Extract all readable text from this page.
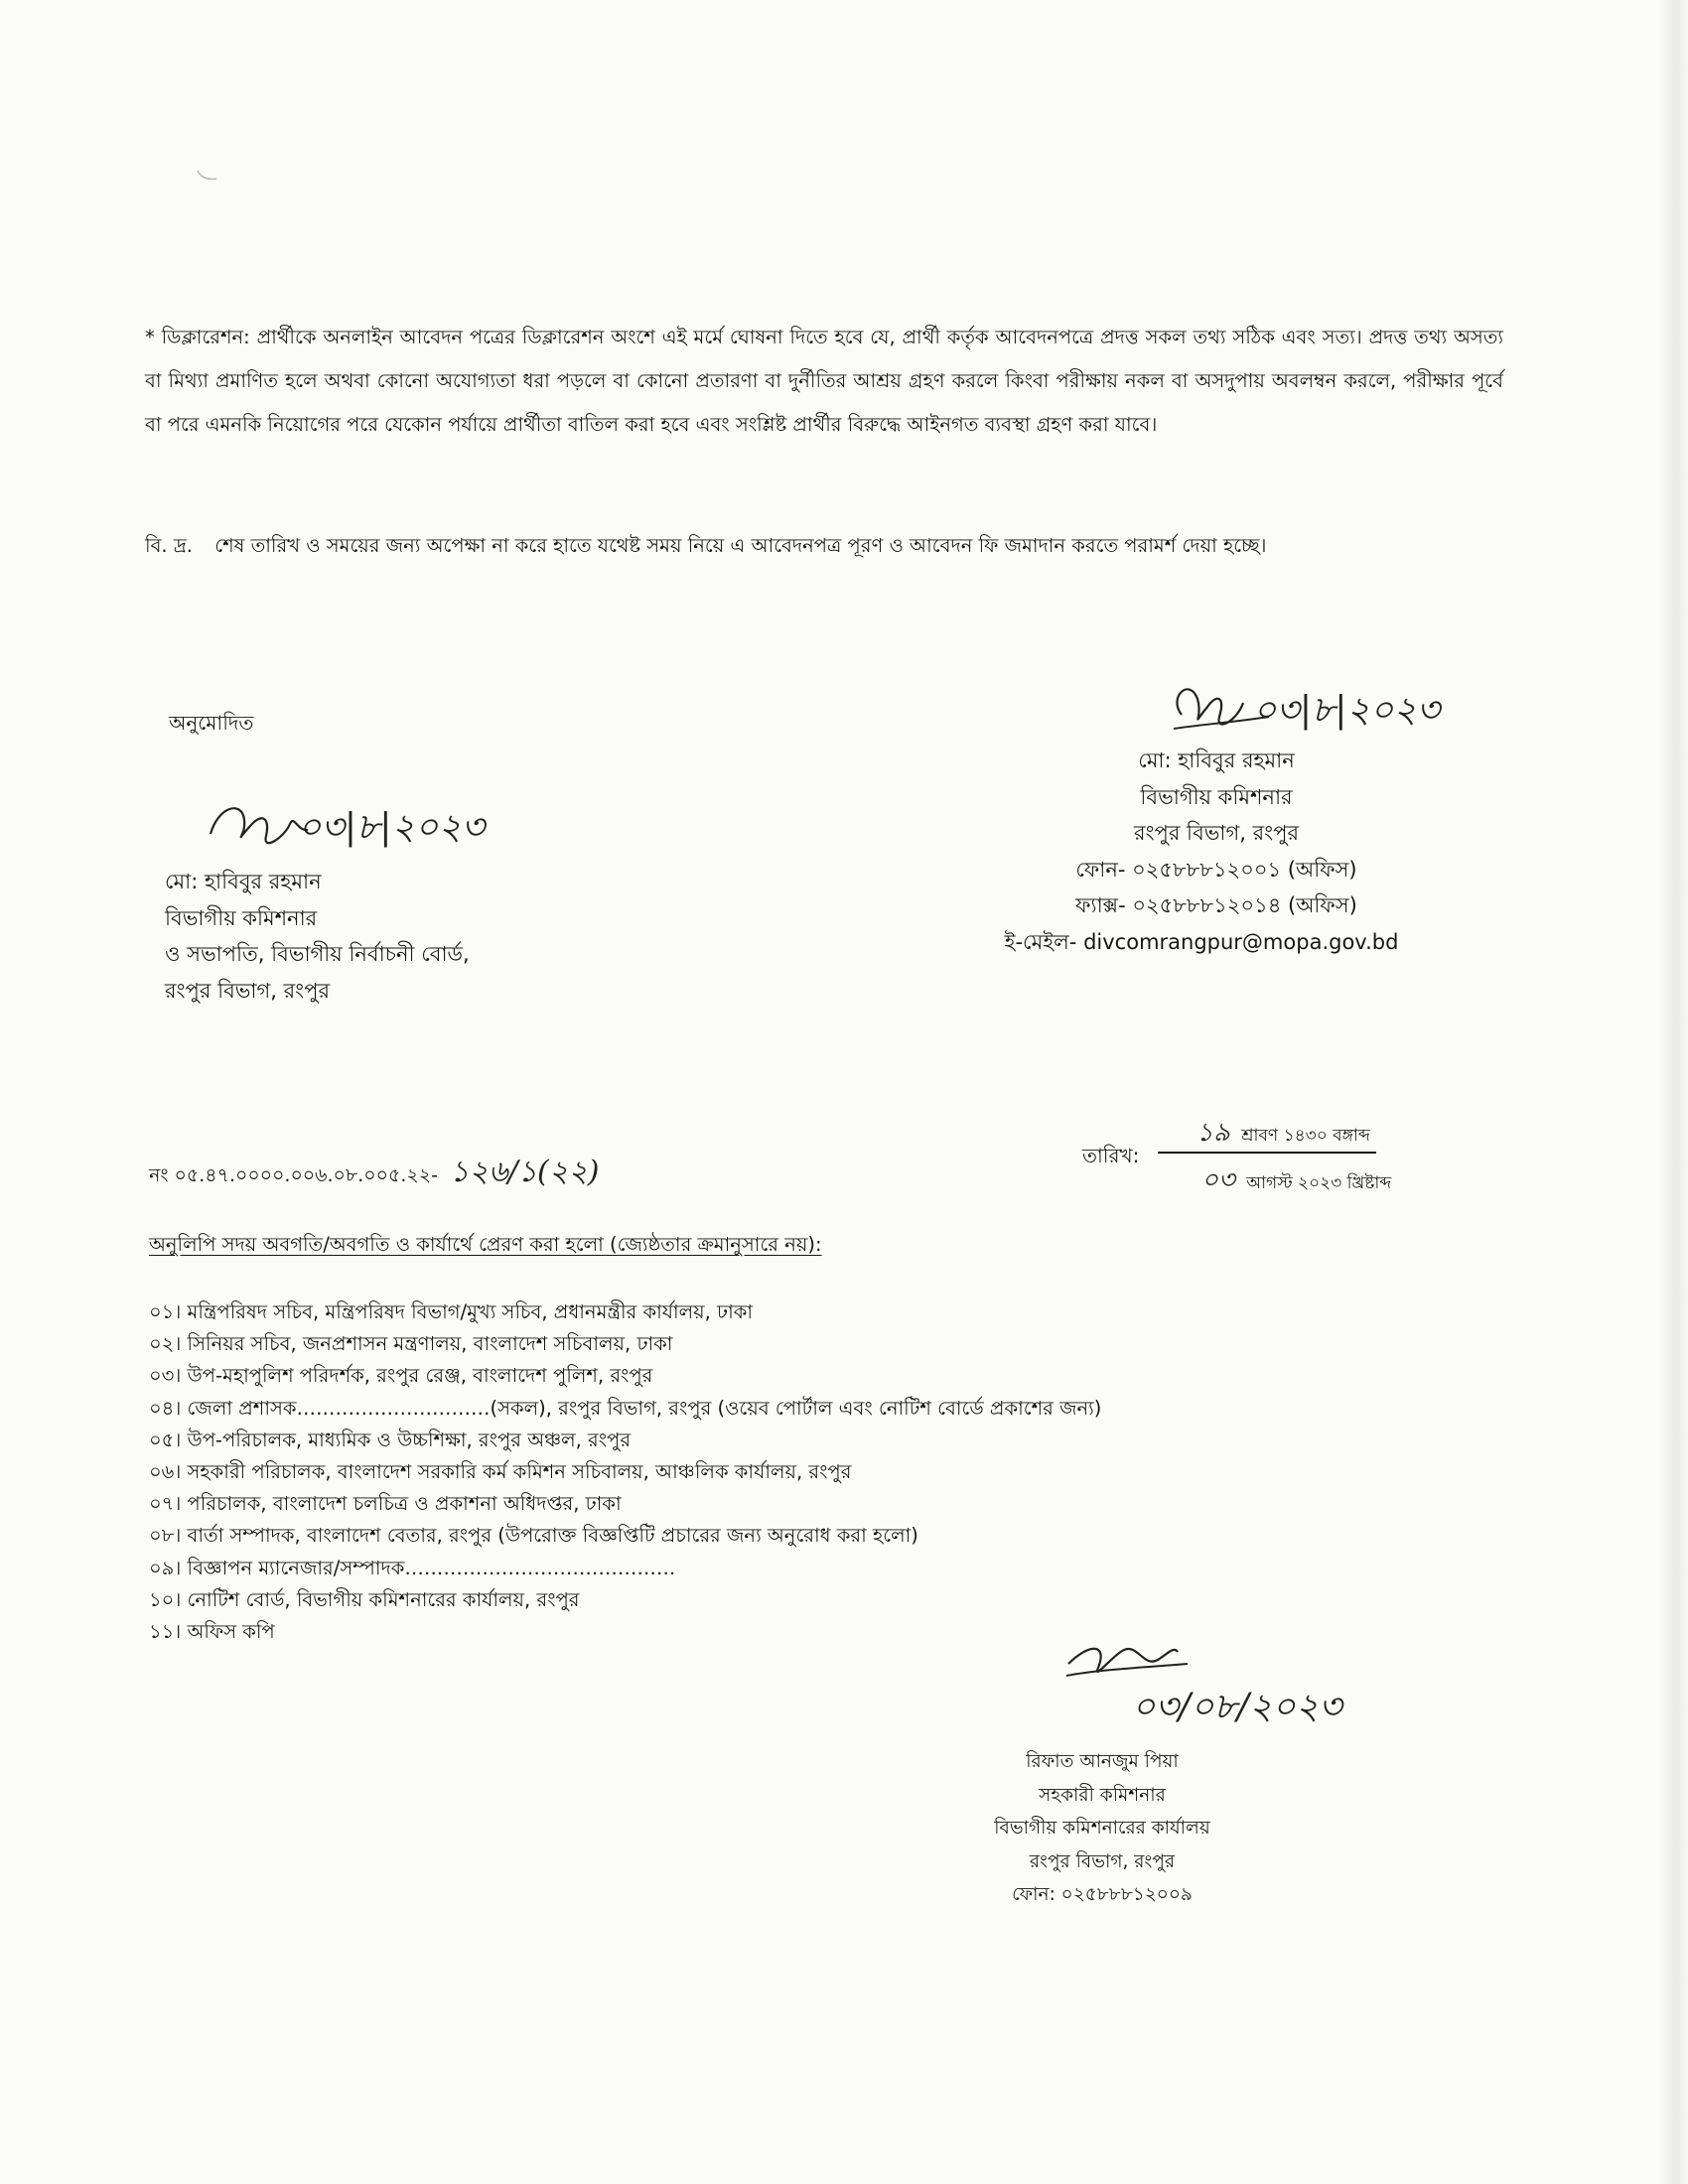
* ডিক্লারেশন: প্রার্থীকে অনলাইন আবেদন পত্রের ডিক্লারেশন অংশে এই মর্মে ঘোষনা দিতে হবে যে, প্রার্থী কর্তৃক আবেদনপত্রে প্রদত্ত সকল তথ্য সঠিক এবং সত্য। প্রদত্ত তথ্য অসত্য বা মিথ্যা প্রমাণিত হলে অথবা কোনো অযোগ্যতা ধরা পড়লে বা কোনো প্রতারণা বা দুর্নীতির আশ্রয় গ্রহণ করলে কিংবা পরীক্ষায় নকল বা অসদুপায় অবলম্বন করলে, পরীক্ষার পূর্বে বা পরে এমনকি নিয়োগের পরে যেকোন পর্যায়ে প্রার্থীতা বাতিল করা হবে এবং সংশ্লিষ্ট প্রার্থীর বিরুদ্ধে আইনগত ব্যবস্থা গ্রহণ করা যাবে।
বি. দ্র. শেষ তারিখ ও সময়ের জন্য অপেক্ষা না করে হাতে যথেষ্ট সময় নিয়ে এ আবেদনপত্র পূরণ ও আবেদন ফি জমাদান করতে পরামর্শ দেয়া হচ্ছে।
০৩|৮|২০২৩
মো: হাবিবুর রহমান
বিভাগীয় কমিশনার
রংপুর বিভাগ, রংপুর
ফোন- ০২৫৮৮৮১২০০১ (অফিস)
ফ্যাক্স- ০২৫৮৮৮১২০১৪ (অফিস)
ই-মেইল- divcomrangpur@mopa.gov.bd
অনুমোদিত
০৩|৮|২০২৩
মো: হাবিবুর রহমান
বিভাগীয় কমিশনার
ও সভাপতি, বিভাগীয় নির্বাচনী বোর্ড,
রংপুর বিভাগ, রংপুর
নং ০৫.৪৭.০০০০.০০৬.০৮.০০৫.২২- ১২৬/১(২২)	তারিখ:
১৯ শ্রাবণ ১৪৩০ বঙ্গাব্দ
০৩ আগস্ট ২০২৩ খ্রিষ্টাব্দ
অনুলিপি সদয় অবগতি/অবগতি ও কার্যার্থে প্রেরণ করা হলো (জ্যেষ্ঠতার ক্রমানুসারে নয়):
০১। মন্ত্রিপরিষদ সচিব, মন্ত্রিপরিষদ বিভাগ/মুখ্য সচিব, প্রধানমন্ত্রীর কার্যালয়, ঢাকা
০২। সিনিয়র সচিব, জনপ্রশাসন মন্ত্রণালয়, বাংলাদেশ সচিবালয়, ঢাকা
০৩। উপ-মহাপুলিশ পরিদর্শক, রংপুর রেঞ্জ, বাংলাদেশ পুলিশ, রংপুর
০৪। জেলা প্রশাসক…………………………(সকল), রংপুর বিভাগ, রংপুর (ওয়েব পোর্টাল এবং নোটিশ বোর্ডে প্রকাশের জন্য)
০৫। উপ-পরিচালক, মাধ্যমিক ও উচ্চশিক্ষা, রংপুর অঞ্চল, রংপুর
০৬। সহকারী পরিচালক, বাংলাদেশ সরকারি কর্ম কমিশন সচিবালয়, আঞ্চলিক কার্যালয়, রংপুর
০৭। পরিচালক, বাংলাদেশ চলচিত্র ও প্রকাশনা অধিদপ্তর, ঢাকা
০৮। বার্তা সম্পাদক, বাংলাদেশ বেতার, রংপুর (উপরোক্ত বিজ্ঞপ্তিটি প্রচারের জন্য অনুরোধ করা হলো)
০৯। বিজ্ঞাপন ম্যানেজার/সম্পাদক……………………………………
১০। নোটিশ বোর্ড, বিভাগীয় কমিশনারের কার্যালয়, রংপুর
১১। অফিস কপি
০৩/০৮/২০২৩
রিফাত আনজুম পিয়া
সহকারী কমিশনার
বিভাগীয় কমিশনারের কার্যালয়
রংপুর বিভাগ, রংপুর
ফোন: ০২৫৮৮৮১২০০৯
